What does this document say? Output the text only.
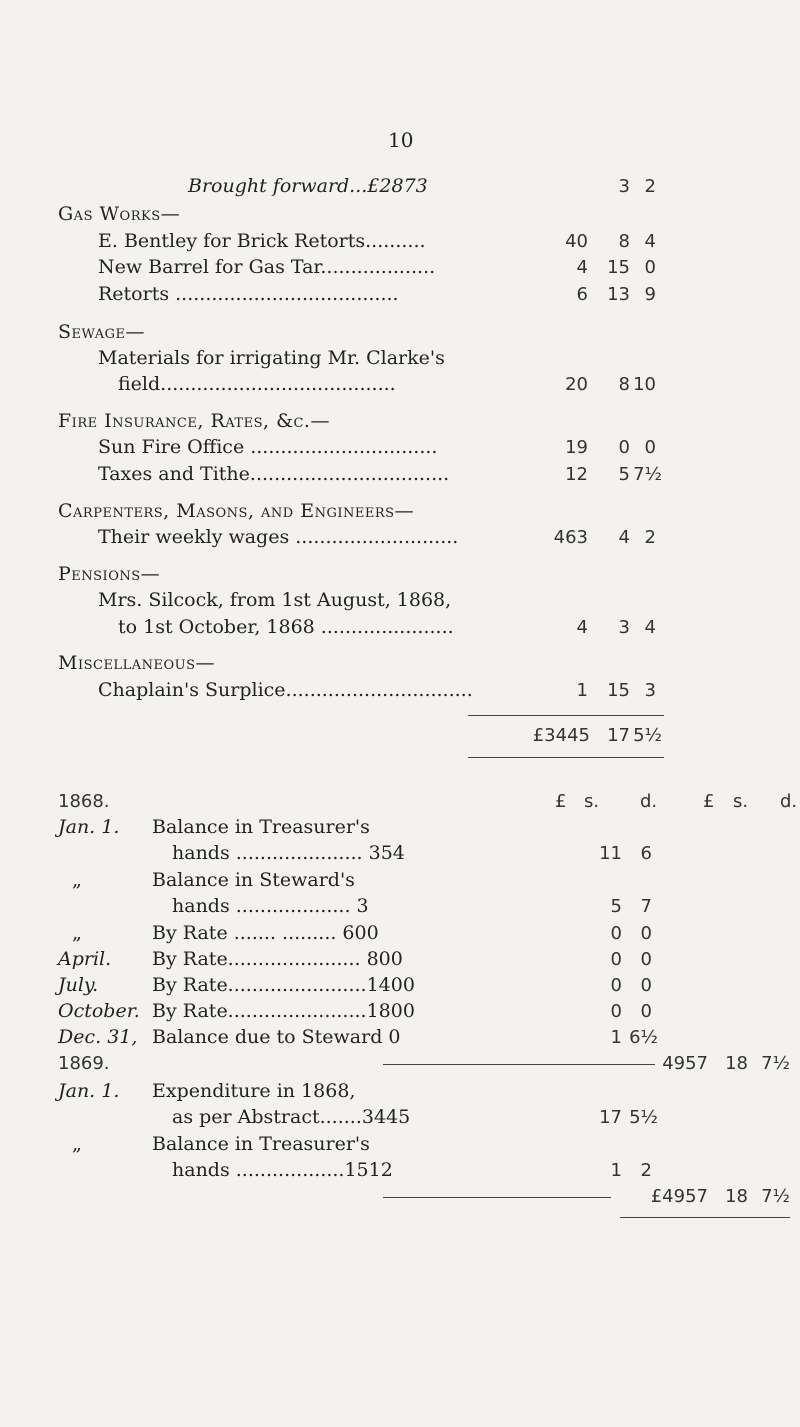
10
Brought forward...£2873	3 2
Gas Works—
E. Bentley for Brick Retorts..........	40	8 4
New Barrel for Gas Tar...................	4	15 0
Retorts .....................................	6	13 9
Sewage—
Materials for irrigating Mr. Clarke's
field.......................................	20	8 10
Fire Insurance, Rates, &c.—
Sun Fire Office ...............................	19	0 0
Taxes and Tithe.................................	12	5 7½
Carpenters, Masons, and Engineers—
Their weekly wages ...........................	463	4 2
Pensions—
Mrs. Silcock, from 1st August, 1868,
to 1st October, 1868 ......................	4	3 4
Miscellaneous—
Chaplain's Surplice...............................	1	15 3
£3445 17 5½
1868.	£ s. d.	£ s. d.
Jan. 1. Balance in Treasurer's
hands ..................... 354	11	6
„	Balance in Steward's
hands ................... 3	5	7
„	By Rate ....... ......... 600	0	0
April. By Rate...................... 800	0	0
July.	By Rate.......................1400	0	0
October. By Rate.......................1800	0	0
Dec. 31, Balance due to Steward 0	1 6½
1869.	4957 18 7½
Jan. 1. Expenditure in 1868,
as per Abstract.......3445	17 5½
„	Balance in Treasurer's
hands ..................1512	1	2
£4957 18 7½
